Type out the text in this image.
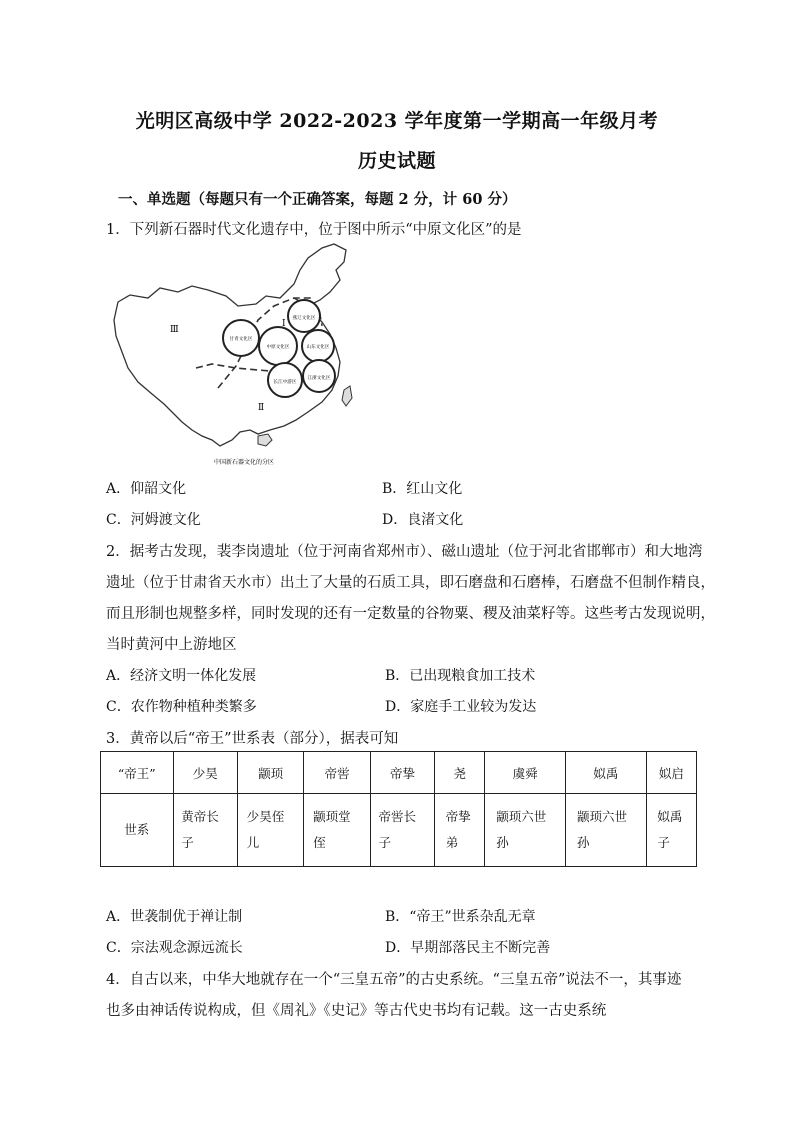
光明区高级中学 2022-2023 学年度第一学期高一年级月考
历史试题
一、单选题（每题只有一个正确答案，每题 2 分，计 60 分）
1．下列新石器时代文化遗存中，位于图中所示“中原文化区”的是
Ⅲ
Ⅰ
Ⅱ
燕辽文化区
甘青文化区
中原文化区	山东文化区
长江中游区
江浙文化区
中国新石器文化的分区
A．仰韶文化	B．红山文化
C．河姆渡文化	D．良渚文化
2．据考古发现，裴李岗遗址（位于河南省郑州市）、磁山遗址（位于河北省邯郸市）和大地湾
遗址（位于甘肃省天水市）出土了大量的石质工具，即石磨盘和石磨棒，石磨盘不但制作精良，
而且形制也规整多样，同时发现的还有一定数量的谷物粟、稷及油菜籽等。这些考古发现说明，
当时黄河中上游地区
A．经济文明一体化发展	B．已出现粮食加工技术
C．农作物种植种类繁多	D．家庭手工业较为发达
3．黄帝以后“帝王”世系表（部分），据表可知
“帝王”	少昊	颛顼	帝喾	帝挚	尧	虞舜	姒禹	姒启
世系	黄帝长子	少昊侄儿	颛顼堂侄	帝喾长子	帝挚弟	颛顼六世孙	颛顼六世孙	姒禹子
A．世袭制优于禅让制	B．“帝王”世系杂乱无章
C．宗法观念源远流长	D．早期部落民主不断完善
4．自古以来，中华大地就存在一个“三皇五帝”的古史系统。“三皇五帝”说法不一，其事迹
也多由神话传说构成，但《周礼》《史记》等古代史书均有记载。这一古史系统
